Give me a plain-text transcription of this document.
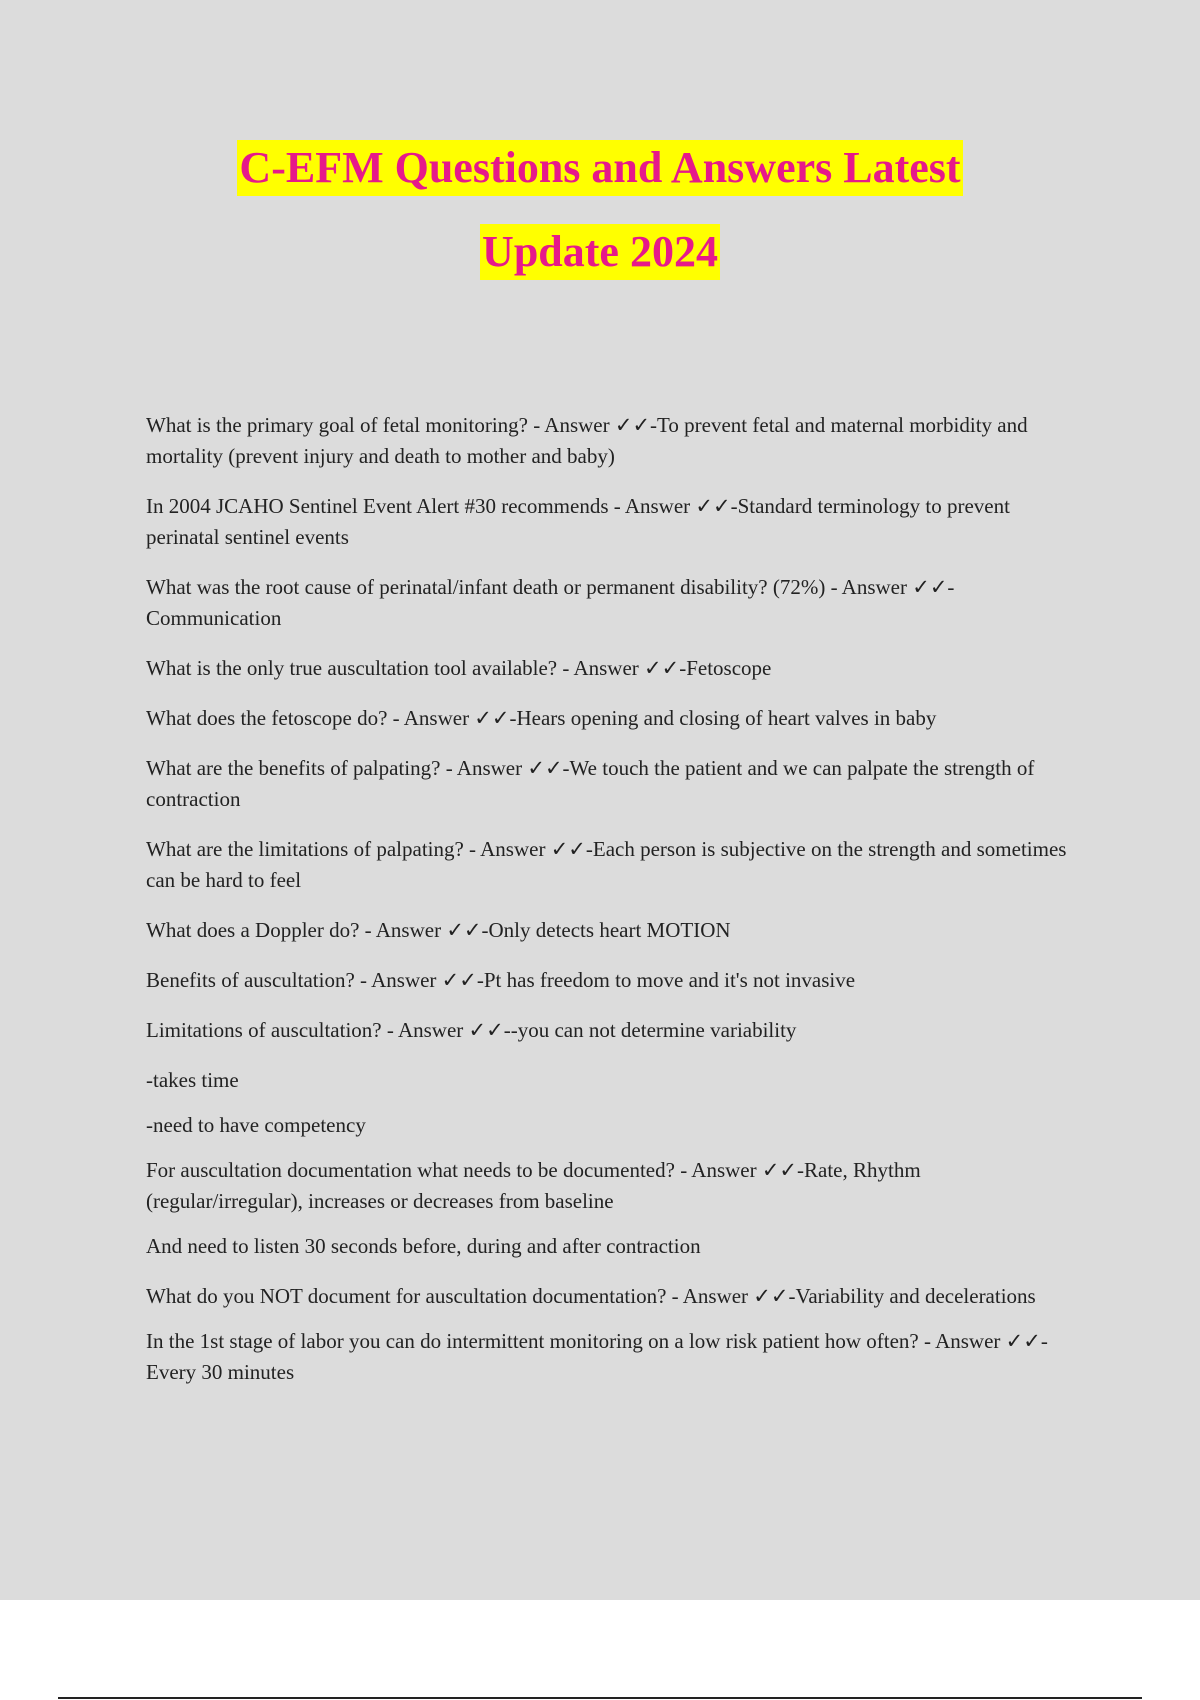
C-EFM Questions and Answers Latest
Update 2024

What is the primary goal of fetal monitoring? - Answer ✓✓-To prevent fetal and maternal morbidity and mortality (prevent injury and death to mother and baby)

In 2004 JCAHO Sentinel Event Alert #30 recommends - Answer ✓✓-Standard terminology to prevent perinatal sentinel events

What was the root cause of perinatal/infant death or permanent disability? (72%) - Answer ✓✓-Communication

What is the only true auscultation tool available? - Answer ✓✓-Fetoscope

What does the fetoscope do? - Answer ✓✓-Hears opening and closing of heart valves in baby

What are the benefits of palpating? - Answer ✓✓-We touch the patient and we can palpate the strength of contraction

What are the limitations of palpating? - Answer ✓✓-Each person is subjective on the strength and sometimes can be hard to feel

What does a Doppler do? - Answer ✓✓-Only detects heart MOTION

Benefits of auscultation? - Answer ✓✓-Pt has freedom to move and it's not invasive

Limitations of auscultation? - Answer ✓✓--you can not determine variability

-takes time

-need to have competency

For auscultation documentation what needs to be documented? - Answer ✓✓-Rate, Rhythm (regular/irregular), increases or decreases from baseline

And need to listen 30 seconds before, during and after contraction

What do you NOT document for auscultation documentation? - Answer ✓✓-Variability and decelerations

In the 1st stage of labor you can do intermittent monitoring on a low risk patient how often? - Answer ✓✓-Every 30 minutes
